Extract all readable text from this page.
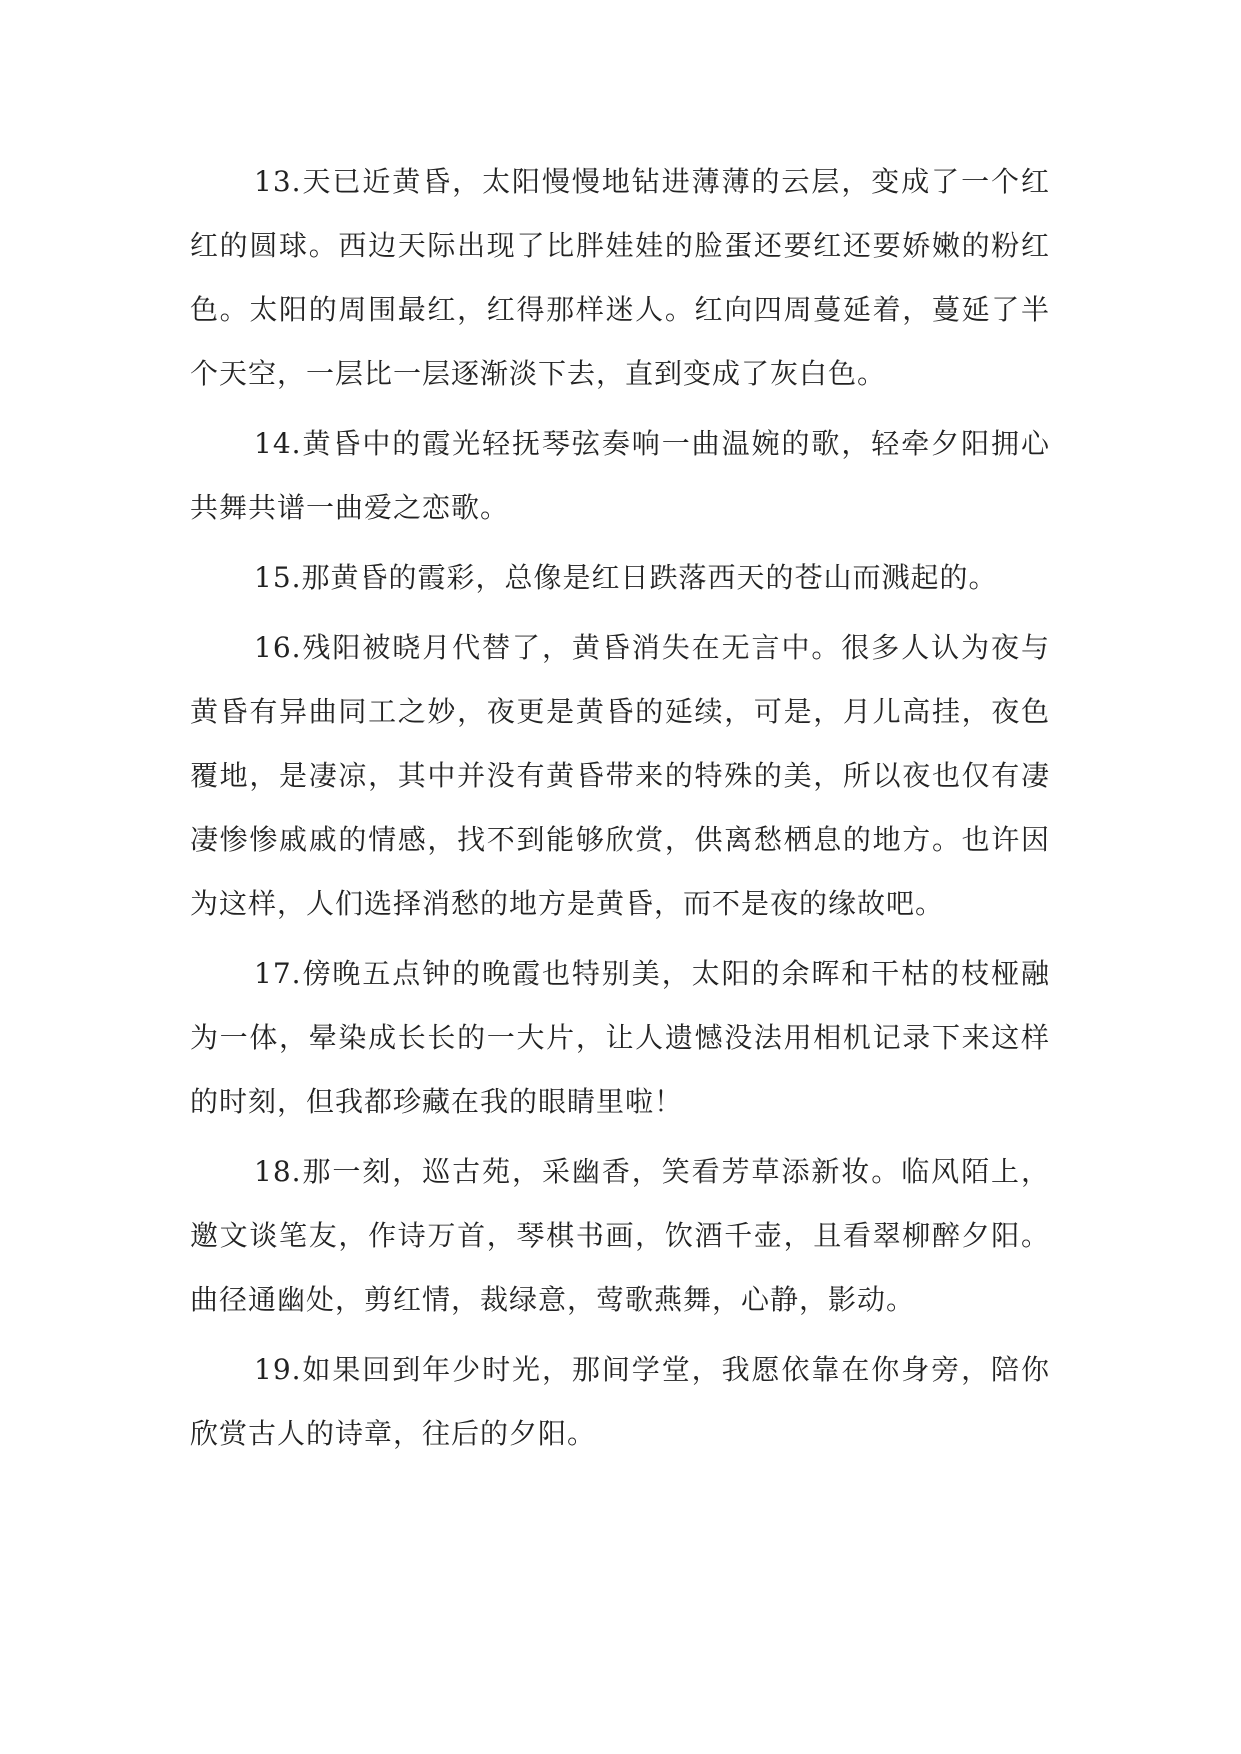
13.天已近黄昏，太阳慢慢地钻进薄薄的云层，变成了一个红红的圆球。西边天际出现了比胖娃娃的脸蛋还要红还要娇嫩的粉红色。太阳的周围最红，红得那样迷人。红向四周蔓延着，蔓延了半个天空，一层比一层逐渐淡下去，直到变成了灰白色。

14.黄昏中的霞光轻抚琴弦奏响一曲温婉的歌，轻牵夕阳拥心共舞共谱一曲爱之恋歌。

15.那黄昏的霞彩，总像是红日跌落西天的苍山而溅起的。

16.残阳被晓月代替了，黄昏消失在无言中。很多人认为夜与黄昏有异曲同工之妙，夜更是黄昏的延续，可是，月儿高挂，夜色覆地，是凄凉，其中并没有黄昏带来的特殊的美，所以夜也仅有凄凄惨惨戚戚的情感，找不到能够欣赏，供离愁栖息的地方。也许因为这样，人们选择消愁的地方是黄昏，而不是夜的缘故吧。

17.傍晚五点钟的晚霞也特别美，太阳的余晖和干枯的枝桠融为一体，晕染成长长的一大片，让人遗憾没法用相机记录下来这样的时刻，但我都珍藏在我的眼睛里啦！

18.那一刻，巡古苑，采幽香，笑看芳草添新妆。临风陌上，邀文谈笔友，作诗万首，琴棋书画，饮酒千壶，且看翠柳醉夕阳。曲径通幽处，剪红情，裁绿意，莺歌燕舞，心静，影动。

19.如果回到年少时光，那间学堂，我愿依靠在你身旁，陪你欣赏古人的诗章，往后的夕阳。
